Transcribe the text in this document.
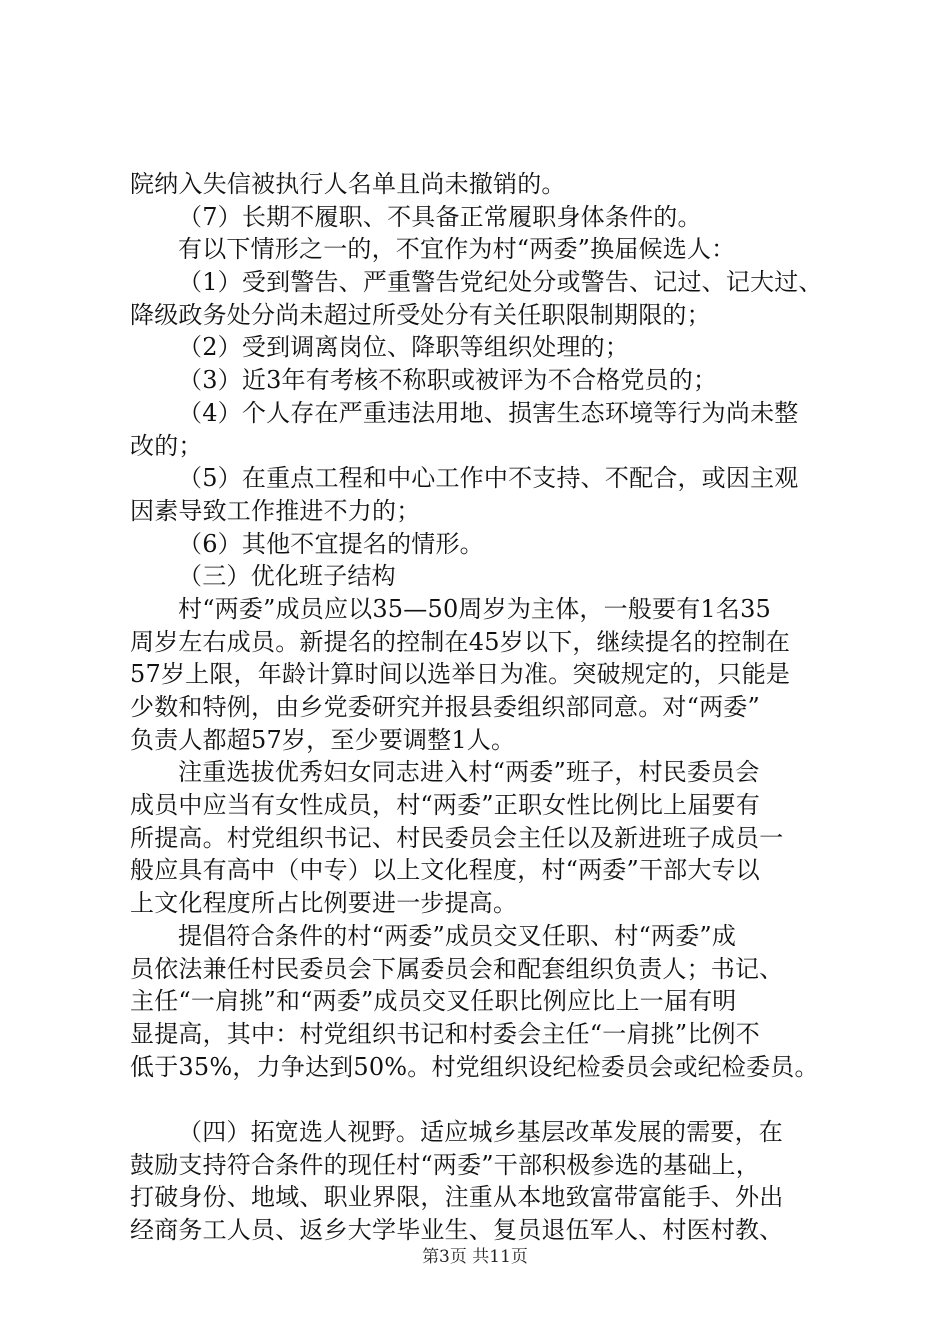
院纳入失信被执行人名单且尚未撤销的。
（7）长期不履职、不具备正常履职身体条件的。
有以下情形之一的，不宜作为村“两委”换届候选人：
（1）受到警告、严重警告党纪处分或警告、记过、记大过、
降级政务处分尚未超过所受处分有关任职限制期限的；
（2）受到调离岗位、降职等组织处理的；
（3）近3年有考核不称职或被评为不合格党员的；
（4）个人存在严重违法用地、损害生态环境等行为尚未整
改的；
（5）在重点工程和中心工作中不支持、不配合，或因主观
因素导致工作推进不力的；
（6）其他不宜提名的情形。
（三）优化班子结构
村“两委”成员应以35—50周岁为主体，一般要有1名35
周岁左右成员。新提名的控制在45岁以下，继续提名的控制在
57岁上限，年龄计算时间以选举日为准。突破规定的，只能是
少数和特例，由乡党委研究并报县委组织部同意。对“两委”
负责人都超57岁，至少要调整1人。
注重选拔优秀妇女同志进入村“两委”班子，村民委员会
成员中应当有女性成员，村“两委”正职女性比例比上届要有
所提高。村党组织书记、村民委员会主任以及新进班子成员一
般应具有高中（中专）以上文化程度，村“两委”干部大专以
上文化程度所占比例要进一步提高。
提倡符合条件的村“两委”成员交叉任职、村“两委”成
员依法兼任村民委员会下属委员会和配套组织负责人；书记、
主任“一肩挑”和“两委”成员交叉任职比例应比上一届有明
显提高，其中：村党组织书记和村委会主任“一肩挑”比例不
低于35%，力争达到50%。村党组织设纪检委员会或纪检委员。
（四）拓宽选人视野。适应城乡基层改革发展的需要，在
鼓励支持符合条件的现任村“两委”干部积极参选的基础上，
打破身份、地域、职业界限，注重从本地致富带富能手、外出
经商务工人员、返乡大学毕业生、复员退伍军人、村医村教、
第3页 共11页
